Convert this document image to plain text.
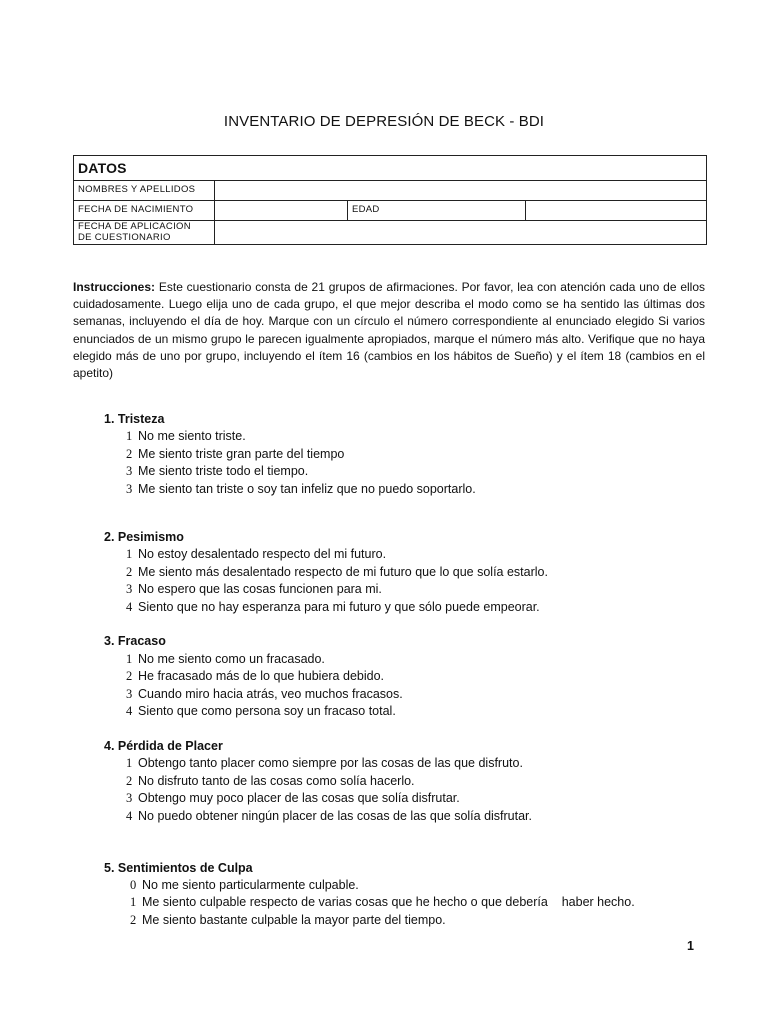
INVENTARIO DE DEPRESIÓN DE BECK - BDI
DATOS			
NOMBRES Y APELLIDOS			
FECHA DE NACIMIENTO		EDAD	

FECHA DE APLICACION
DE CUESTIONARIO			

Instrucciones: Este cuestionario consta de 21 grupos de afirmaciones. Por favor, lea con atención cada uno de ellos cuidadosamente. Luego elija uno de cada grupo, el que mejor describa el modo como se ha sentido las últimas dos semanas, incluyendo el día de hoy. Marque con un círculo el número correspondiente al enunciado elegido Si varios enunciados de un mismo grupo le parecen igualmente apropiados, marque el número más alto. Verifique que no haya elegido más de uno por grupo, incluyendo el ítem 16 (cambios en los hábitos de Sueño) y el ítem 18 (cambios en el apetito)
1. Tristeza
1 No me siento triste.
2 Me siento triste gran parte del tiempo
3 Me siento triste todo el tiempo.
3 Me siento tan triste o soy tan infeliz que no puedo soportarlo.
2. Pesimismo
1 No estoy desalentado respecto del mi futuro.
2 Me siento más desalentado respecto de mi futuro que lo que solía estarlo.
3 No espero que las cosas funcionen para mi.
4 Siento que no hay esperanza para mi futuro y que sólo puede empeorar.
3. Fracaso
1 No me siento como un fracasado.
2 He fracasado más de lo que hubiera debido.
3 Cuando miro hacia atrás, veo muchos fracasos.
4 Siento que como persona soy un fracaso total.
4. Pérdida de Placer
1 Obtengo tanto placer como siempre por las cosas de las que disfruto.
2 No disfruto tanto de las cosas como solía hacerlo.
3 Obtengo muy poco placer de las cosas que solía disfrutar.
4 No puedo obtener ningún placer de las cosas de las que solía disfrutar.
5. Sentimientos de Culpa
0 No me siento particularmente culpable.
1 Me siento culpable respecto de varias cosas que he hecho o que debería    haber hecho.
2 Me siento bastante culpable la mayor parte del tiempo.
1
